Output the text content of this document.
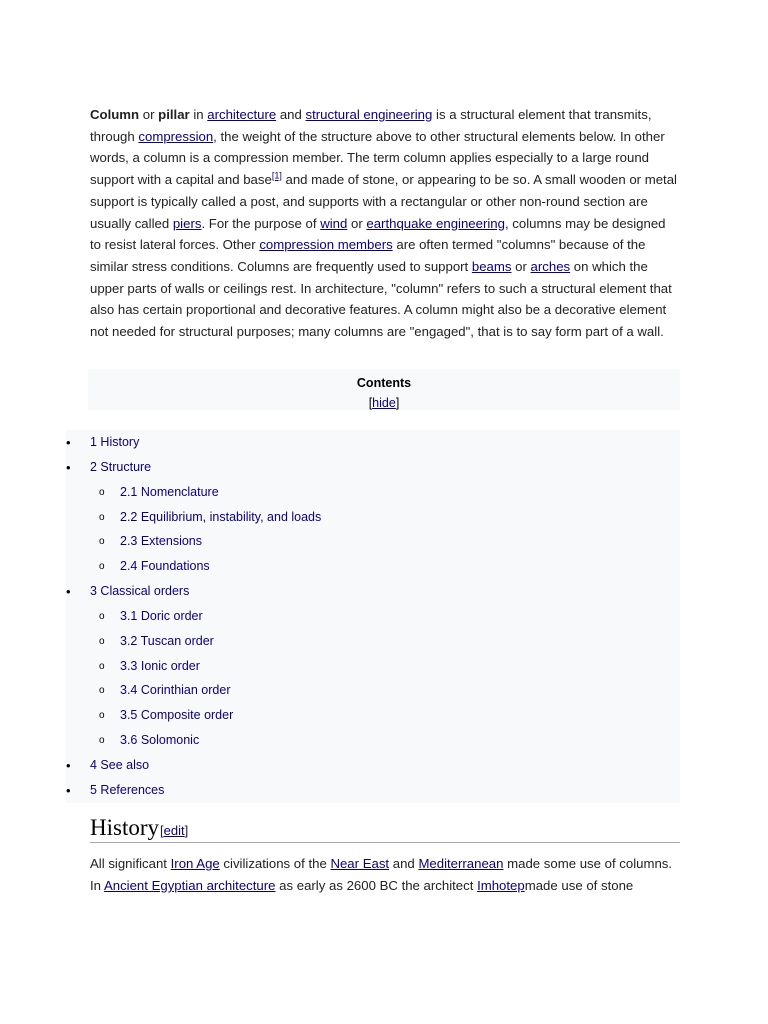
Column or pillar in architecture and structural engineering is a structural element that transmits, through compression, the weight of the structure above to other structural elements below. In other words, a column is a compression member. The term column applies especially to a large round support with a capital and base[1] and made of stone, or appearing to be so. A small wooden or metal support is typically called a post, and supports with a rectangular or other non-round section are usually called piers. For the purpose of wind or earthquake engineering, columns may be designed to resist lateral forces. Other compression members are often termed "columns" because of the similar stress conditions. Columns are frequently used to support beams or arches on which the upper parts of walls or ceilings rest. In architecture, "column" refers to such a structural element that also has certain proportional and decorative features. A column might also be a decorative element not needed for structural purposes; many columns are "engaged", that is to say form part of a wall.

Contents
[hide]
•	1 History
•	2 Structure
o	2.1 Nomenclature
o	2.2 Equilibrium, instability, and loads
o	2.3 Extensions
o	2.4 Foundations
•	3 Classical orders
o	3.1 Doric order
o	3.2 Tuscan order
o	3.3 Ionic order
o	3.4 Corinthian order
o	3.5 Composite order
o	3.6 Solomonic
•	4 See also
•	5 References
History[edit]

All significant Iron Age civilizations of the Near East and Mediterranean made some use of columns. In Ancient Egyptian architecture as early as 2600 BC the architect Imhotepmade use of stone
